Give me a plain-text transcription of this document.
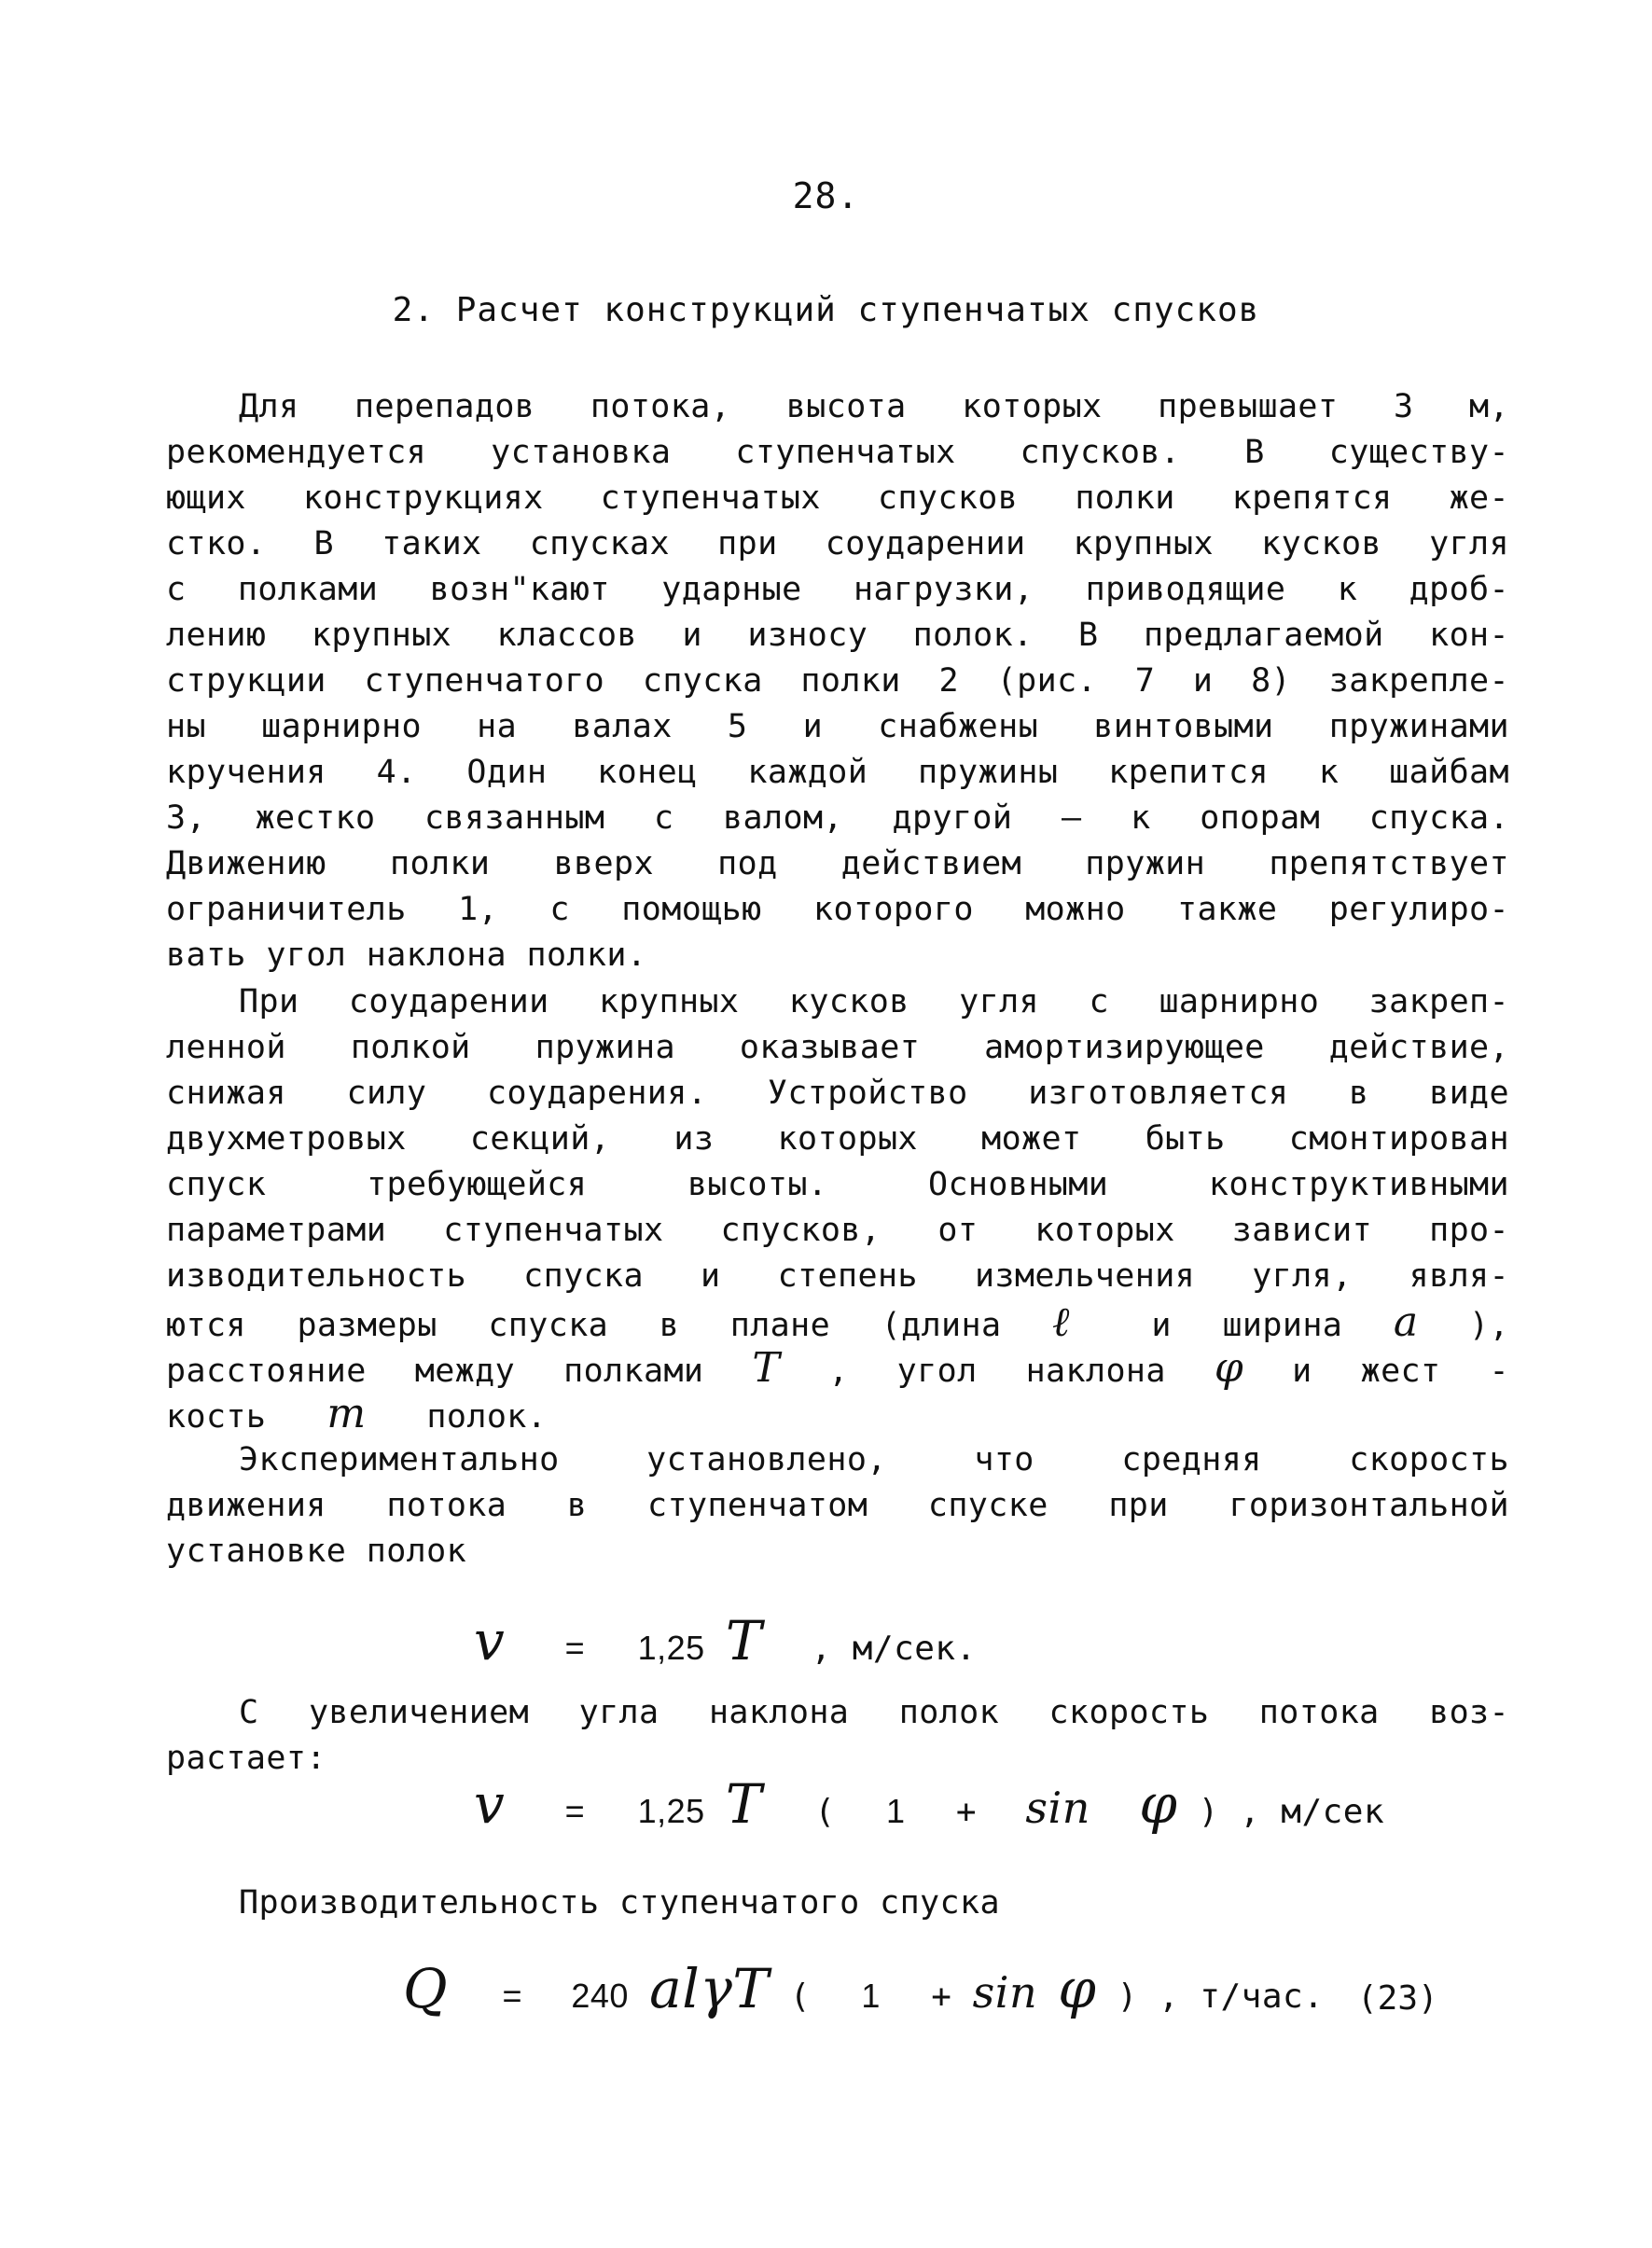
28.
2. Расчет конструкций ступенчатых спусков
Для перепадов потока, высота которых превышает 3 м,
рекомендуется установка ступенчатых спусков. В существу-
ющих конструкциях ступенчатых спусков полки крепятся же-
стко. В таких спусках при соударении крупных кусков угля
с полками возн"кают ударные нагрузки, приводящие к дроб-
лению крупных классов и износу полок. В предлагаемой кон-
струкции ступенчатого спуска полки 2 (рис. 7 и 8) закрепле-
ны шарнирно на валах 5 и снабжены винтовыми пружинами
кручения 4. Один конец каждой пружины крепится к шайбам
3, жестко связанным с валом, другой – к опорам спуска.
Движению полки вверх под действием пружин препятствует
ограничитель 1, с помощью которого можно также регулиро-
вать угол наклона полки.
При соударении крупных кусков угля с шарнирно закреп-
ленной полкой пружина оказывает амортизирующее действие,
снижая силу соударения. Устройство изготовляется в виде
двухметровых секций, из которых может быть смонтирован
спуск требующейся высоты. Основными конструктивными
параметрами ступенчатых спусков, от которых зависит про-
изводительность спуска и степень измельчения угля, явля-
ются размеры спуска в плане (длина ℓ и ширина a ),
расстояние между полками T , угол наклона φ и жест -
кость m полок.
Экспериментально установлено, что средняя скорость
движения потока в ступенчатом спуске при горизонтальной
установке полок
v = 1,25 T , м/сек.
С увеличением угла наклона полок скорость потока воз-
растает:
v = 1,25 T ( 1 + sin φ ) , м/сек
Производительность ступенчатого спуска
Q = 240 alγT ( 1 + sin φ ) , т/час. (23)
